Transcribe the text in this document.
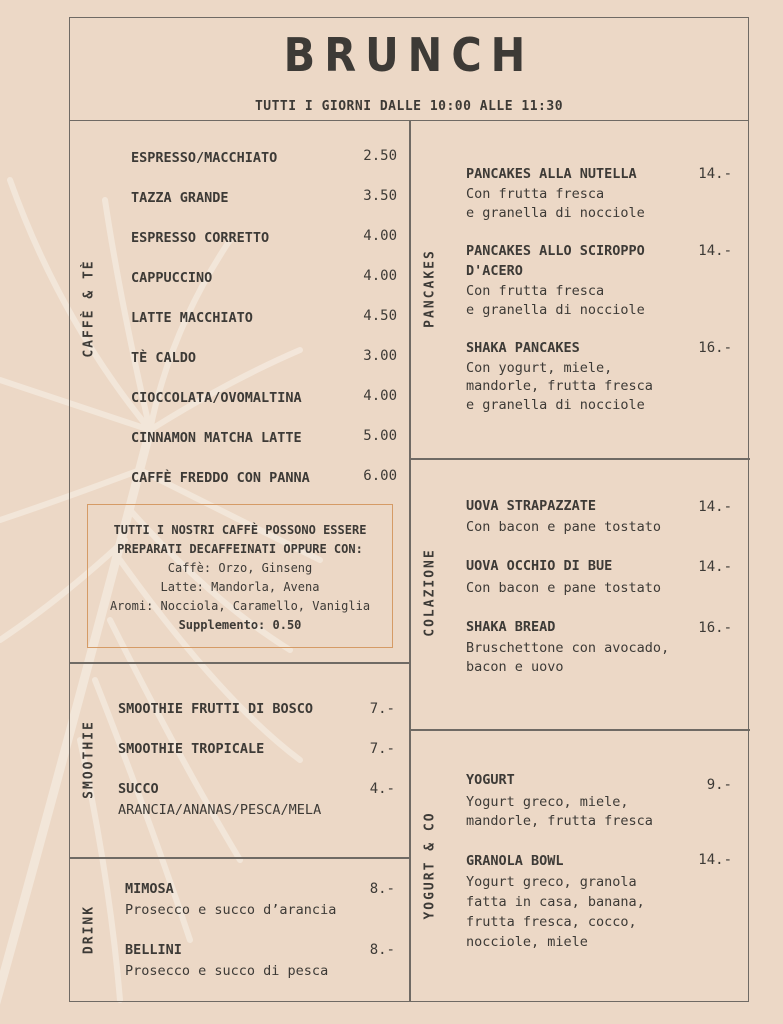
BRUNCH
TUTTI I GIORNI DALLE 10:00 ALLE 11:30
CAFFÈ & TÈ
SMOOTHIE
DRINK
PANCAKES
COLAZIONE
YOGURT & CO
ESPRESSO/MACCHIATO	2.50
TAZZA GRANDE	3.50
ESPRESSO CORRETTO	4.00
CAPPUCCINO	4.00
LATTE MACCHIATO	4.50
TÈ CALDO	3.00
CIOCCOLATA/OVOMALTINA	4.00
CINNAMON MATCHA LATTE	5.00
CAFFÈ FREDDO CON PANNA	6.00
TUTTI I NOSTRI CAFFÈ POSSONO ESSERE
PREPARATI DECAFFEINATI OPPURE CON:
Caffè: Orzo, Ginseng
Latte: Mandorla, Avena
Aromi: Nocciola, Caramello, Vaniglia
Supplemento: 0.50
SMOOTHIE FRUTTI DI BOSCO	7.-
SMOOTHIE TROPICALE	7.-
SUCCO	4.-
ARANCIA/ANANAS/PESCA/MELA
MIMOSA	8.-
Prosecco e succo d’arancia
BELLINI	8.-
Prosecco e succo di pesca
PANCAKES ALLA NUTELLA	14.-
Con frutta fresca
e granella di nocciole
PANCAKES ALLO SCIROPPO
D'ACERO
14.-
Con frutta fresca
e granella di nocciole
SHAKA PANCAKES	16.-
Con yogurt, miele,
mandorle, frutta fresca
e granella di nocciole
UOVA STRAPAZZATE	14.-
Con bacon e pane tostato
UOVA OCCHIO DI BUE	14.-
Con bacon e pane tostato
SHAKA BREAD	16.-
Bruschettone con avocado,
bacon e uovo
YOGURT	9.-
Yogurt greco, miele,
mandorle, frutta fresca
GRANOLA BOWL	14.-
Yogurt greco, granola
fatta in casa, banana,
frutta fresca, cocco,
nocciole, miele
